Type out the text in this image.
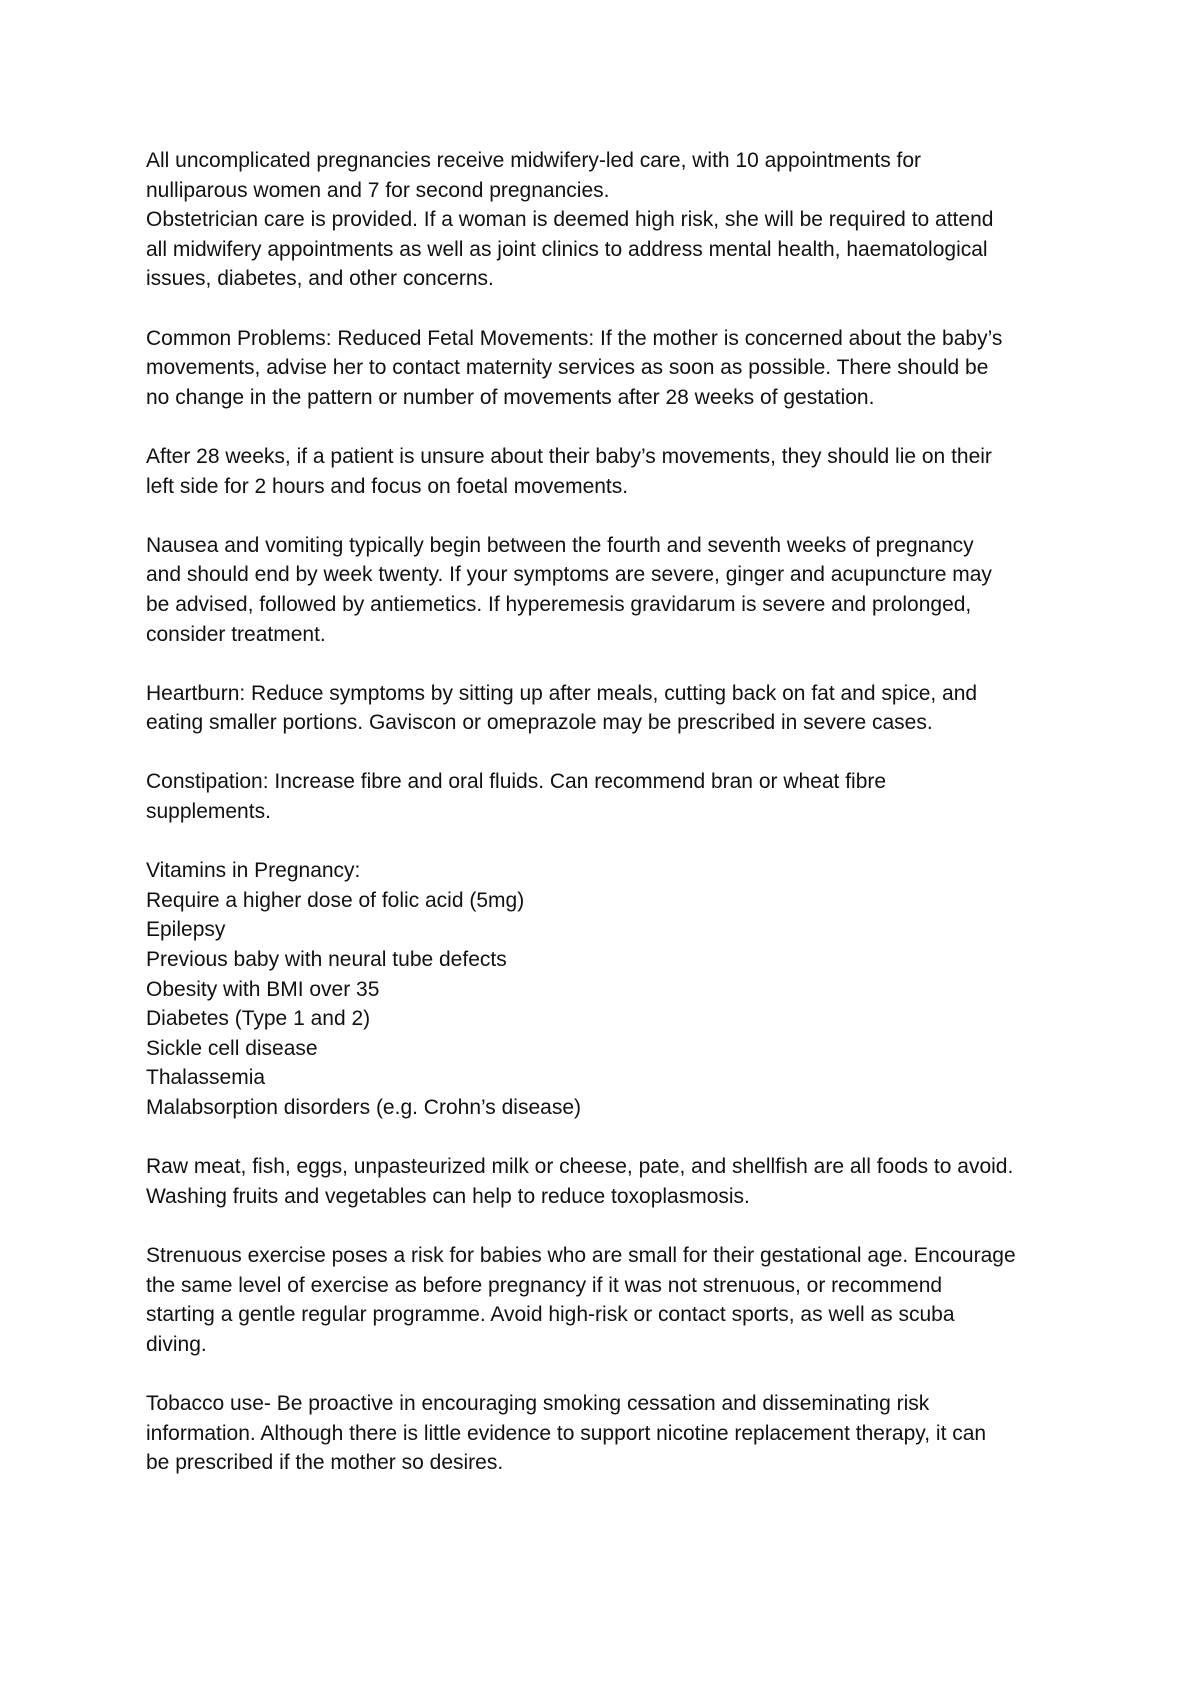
All uncomplicated pregnancies receive midwifery-led care, with 10 appointments for
nulliparous women and 7 for second pregnancies.
Obstetrician care is provided. If a woman is deemed high risk, she will be required to attend
all midwifery appointments as well as joint clinics to address mental health, haematological
issues, diabetes, and other concerns.

Common Problems: Reduced Fetal Movements: If the mother is concerned about the baby’s
movements, advise her to contact maternity services as soon as possible. There should be
no change in the pattern or number of movements after 28 weeks of gestation.

After 28 weeks, if a patient is unsure about their baby’s movements, they should lie on their
left side for 2 hours and focus on foetal movements.

Nausea and vomiting typically begin between the fourth and seventh weeks of pregnancy
and should end by week twenty. If your symptoms are severe, ginger and acupuncture may
be advised, followed by antiemetics. If hyperemesis gravidarum is severe and prolonged,
consider treatment.

Heartburn: Reduce symptoms by sitting up after meals, cutting back on fat and spice, and
eating smaller portions. Gaviscon or omeprazole may be prescribed in severe cases.

Constipation: Increase fibre and oral fluids. Can recommend bran or wheat fibre
supplements.

Vitamins in Pregnancy:
Require a higher dose of folic acid (5mg)
Epilepsy
Previous baby with neural tube defects
Obesity with BMI over 35
Diabetes (Type 1 and 2)
Sickle cell disease
Thalassemia
Malabsorption disorders (e.g. Crohn’s disease)

Raw meat, fish, eggs, unpasteurized milk or cheese, pate, and shellfish are all foods to avoid.
Washing fruits and vegetables can help to reduce toxoplasmosis.

Strenuous exercise poses a risk for babies who are small for their gestational age. Encourage
the same level of exercise as before pregnancy if it was not strenuous, or recommend
starting a gentle regular programme. Avoid high-risk or contact sports, as well as scuba
diving.

Tobacco use- Be proactive in encouraging smoking cessation and disseminating risk
information. Although there is little evidence to support nicotine replacement therapy, it can
be prescribed if the mother so desires.
